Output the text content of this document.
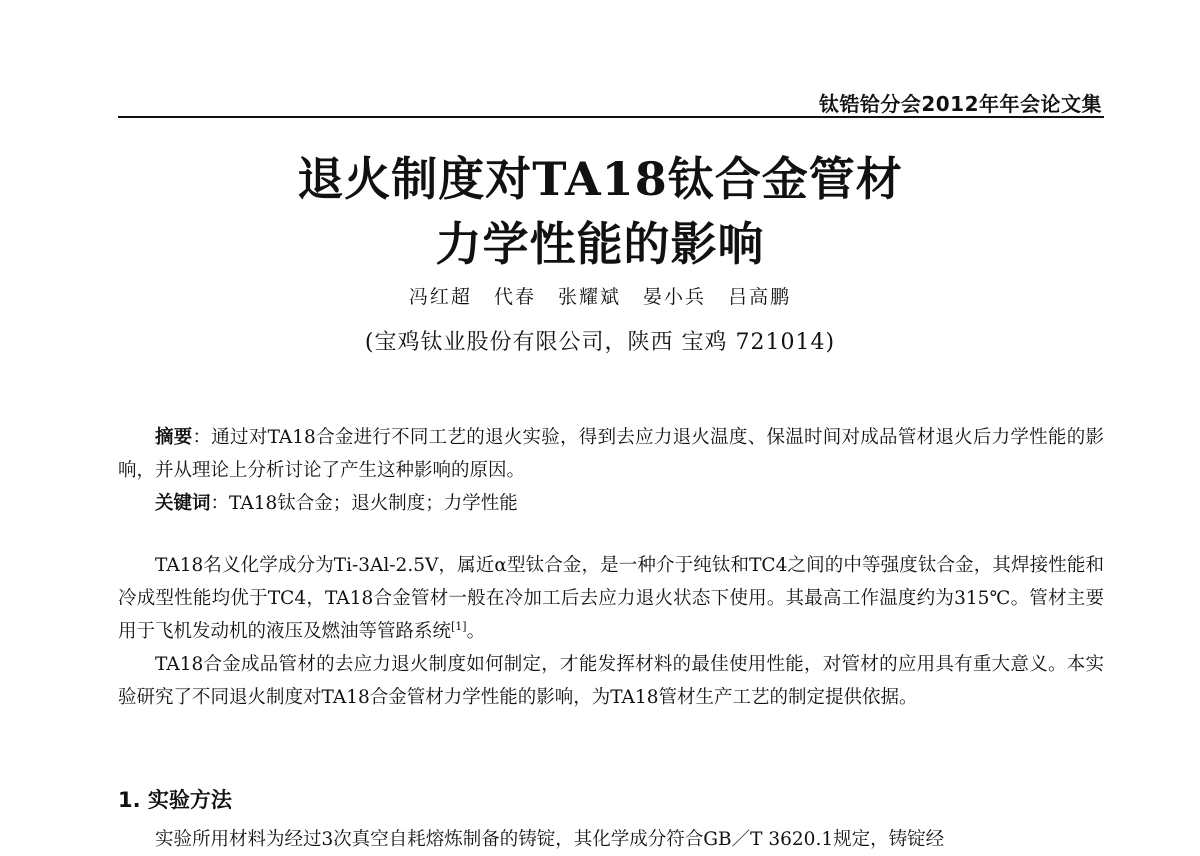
钛锆铪分会2012年年会论文集
退火制度对TA18钛合金管材
力学性能的影响
冯红超 代春 张耀斌 晏小兵 吕高鹏
(宝鸡钛业股份有限公司，陕西 宝鸡 721014)

摘要：通过对TA18合金进行不同工艺的退火实验，得到去应力退火温度、保温时间对成品管材退火后力学性能的影响，并从理论上分析讨论了产生这种影响的原因。

关键词：TA18钛合金；退火制度；力学性能

TA18名义化学成分为Ti-3Al-2.5V，属近α型钛合金，是一种介于纯钛和TC4之间的中等强度钛合金，其焊接性能和冷成型性能均优于TC4，TA18合金管材一般在冷加工后去应力退火状态下使用。其最高工作温度约为315℃。管材主要用于飞机发动机的液压及燃油等管路系统[1]。

TA18合金成品管材的去应力退火制度如何制定，才能发挥材料的最佳使用性能，对管材的应用具有重大意义。本实验研究了不同退火制度对TA18合金管材力学性能的影响，为TA18管材生产工艺的制定提供依据。

1. 实验方法

实验所用材料为经过3次真空自耗熔炼制备的铸锭，其化学成分符合GB／T 3620.1规定，铸锭经
